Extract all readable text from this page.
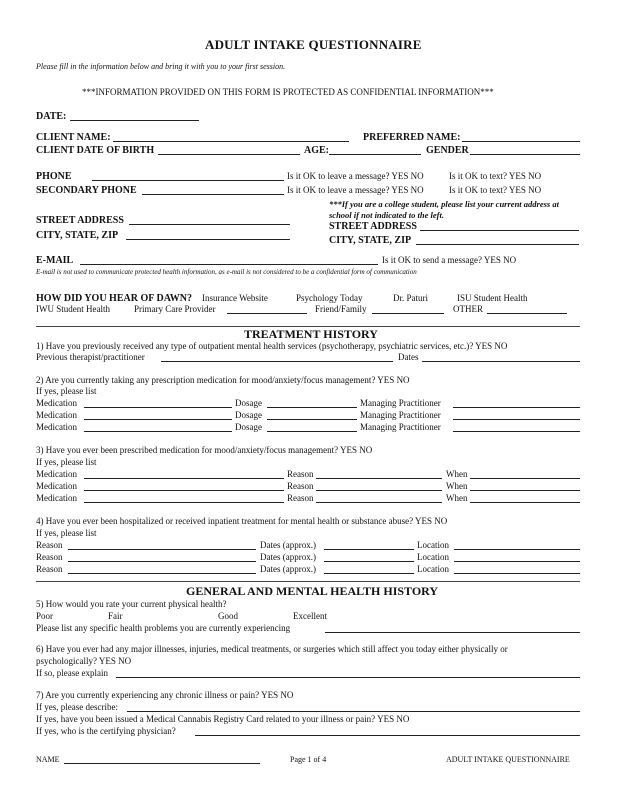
ADULT INTAKE QUESTIONNAIRE
Please fill in the information below and bring it with you to your first session.
***INFORMATION PROVIDED ON THIS FORM IS PROTECTED AS CONFIDENTIAL INFORMATION***
DATE:
CLIENT NAME:	PREFERRED NAME:
CLIENT DATE OF BIRTH	AGE:	GENDER
PHONE	Is it OK to leave a message? YES NO	Is it OK to text? YES NO
SECONDARY PHONE	Is it OK to leave a message? YES NO	Is it OK to text? YES NO
***If you are a college student, please list your current address at school if not indicated to the left.
STREET ADDRESS
CITY, STATE, ZIP
STREET ADDRESS
CITY, STATE, ZIP
E-MAIL	Is it OK to send a message? YES NO
E-mail is not used to communicate protected health information, as e-mail is not considered to be a confidential form of communication
HOW DID YOU HEAR OF DAWN? Insurance Website	Psychology Today	Dr. Paturi	ISU Student Health
IWU Student Health	Primary Care Provider	Friend/Family	OTHER
TREATMENT HISTORY
1) Have you previously received any type of outpatient mental health services (psychotherapy, psychiatric services, etc.)? YES NO
Previous therapist/practitioner	Dates
2) Are you currently taking any prescription medication for mood/anxiety/focus management? YES NO
If yes, please list
Medication	Dosage	Managing Practitioner
Medication	Dosage	Managing Practitioner
Medication	Dosage	Managing Practitioner
3) Have you ever been prescribed medication for mood/anxiety/focus management? YES NO
If yes, please list
Medication	Reason	When
Medication	Reason	When
Medication	Reason	When
4) Have you ever been hospitalized or received inpatient treatment for mental health or substance abuse? YES NO
If yes, please list
Reason	Dates (approx.)	Location
Reason	Dates (approx.)	Location
Reason	Dates (approx.)	Location
GENERAL AND MENTAL HEALTH HISTORY
5) How would you rate your current physical health?
Poor	Fair	Good	Excellent
Please list any specific health problems you are currently experiencing
6) Have you ever had any major illnesses, injuries, medical treatments, or surgeries which still affect you today either physically or
psychologically? YES NO
If so, please explain
7) Are you currently experiencing any chronic illness or pain? YES NO
If yes, please describe:
If yes, have you been issued a Medical Cannabis Registry Card related to your illness or pain? YES NO
If yes, who is the certifying physician?
NAME	Page 1 of 4	ADULT INTAKE QUESTIONNAIRE
